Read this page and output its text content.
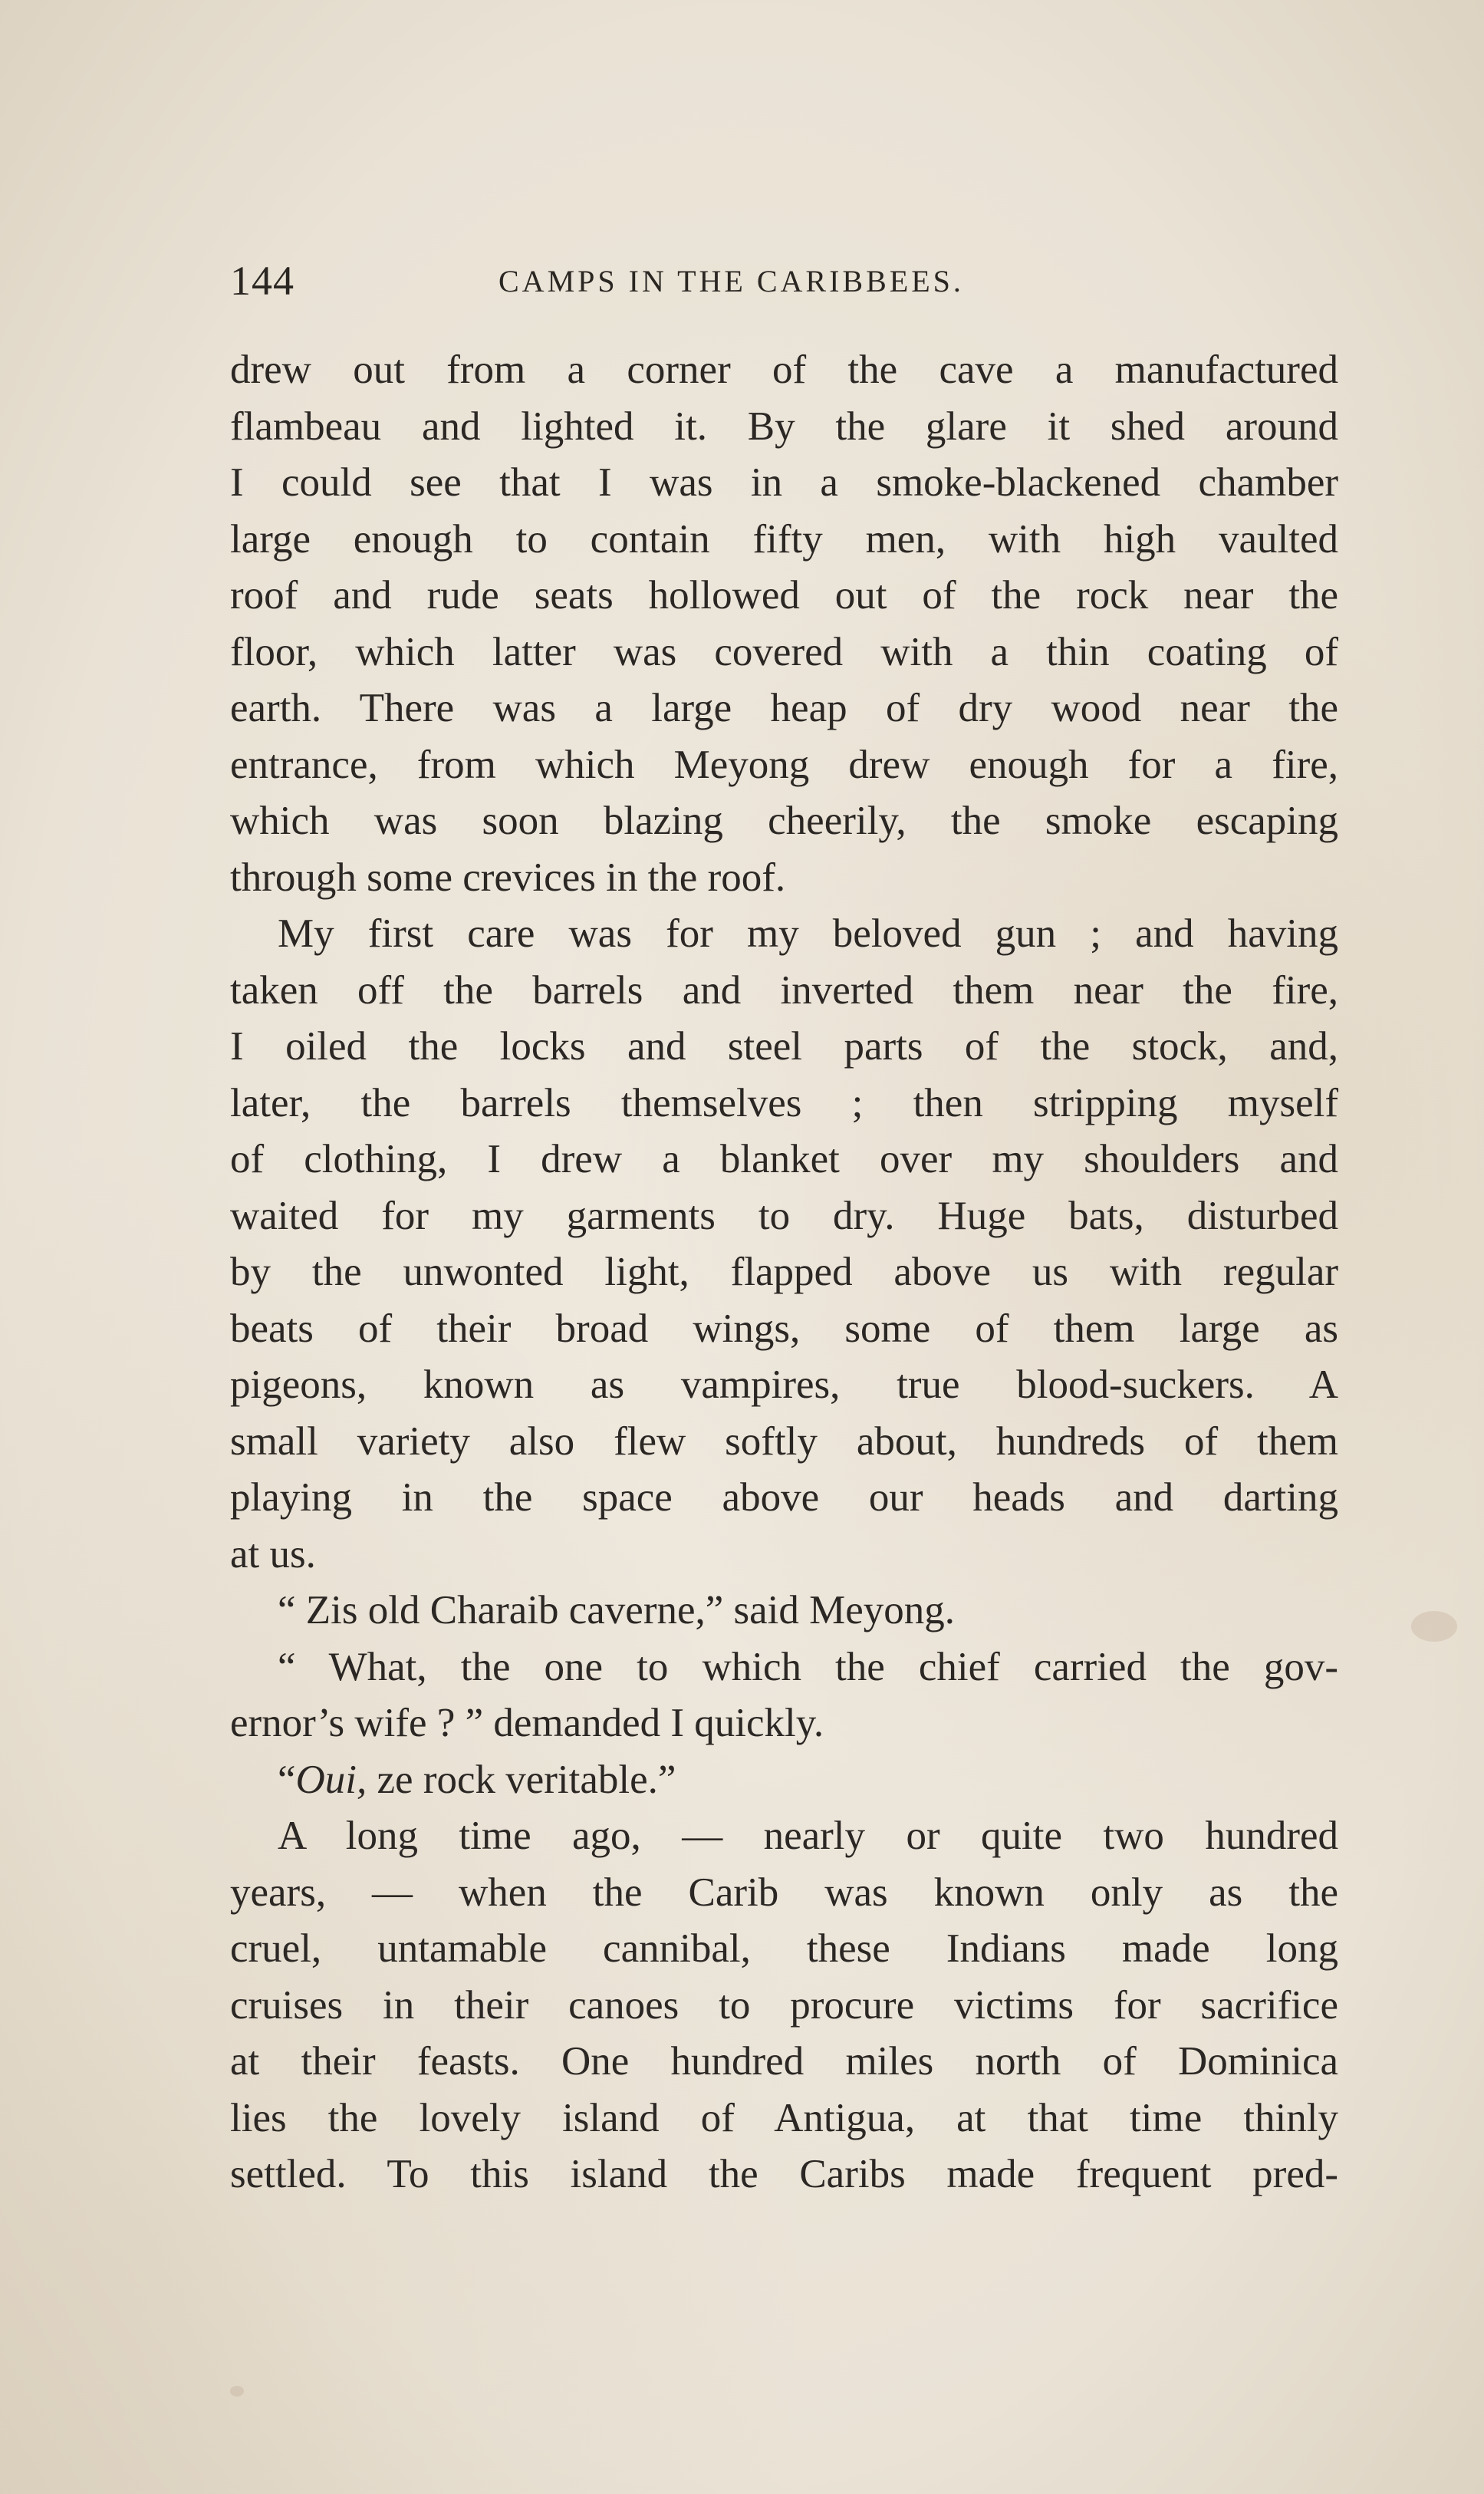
144	CAMPS IN THE CARIBBEES.
drew out from a corner of the cave a manufactured
flambeau and lighted it. By the glare it shed around
I could see that I was in a smoke-blackened chamber
large enough to contain fifty men, with high vaulted
roof and rude seats hollowed out of the rock near the
floor, which latter was covered with a thin coating of
earth. There was a large heap of dry wood near the
entrance, from which Meyong drew enough for a fire,
which was soon blazing cheerily, the smoke escaping
through some crevices in the roof.
My first care was for my beloved gun ; and having
taken off the barrels and inverted them near the fire,
I oiled the locks and steel parts of the stock, and,
later, the barrels themselves ; then stripping myself
of clothing, I drew a blanket over my shoulders and
waited for my garments to dry. Huge bats, disturbed
by the unwonted light, flapped above us with regular
beats of their broad wings, some of them large as
pigeons, known as vampires, true blood-suckers. A
small variety also flew softly about, hundreds of them
playing in the space above our heads and darting
at us.
“ Zis old Charaib caverne,” said Meyong.
“ What, the one to which the chief carried the gov-
ernor’s wife ? ” demanded I quickly.
“Oui, ze rock veritable.”
A long time ago, — nearly or quite two hundred
years, — when the Carib was known only as the
cruel, untamable cannibal, these Indians made long
cruises in their canoes to procure victims for sacrifice
at their feasts. One hundred miles north of Dominica
lies the lovely island of Antigua, at that time thinly
settled. To this island the Caribs made frequent pred-
